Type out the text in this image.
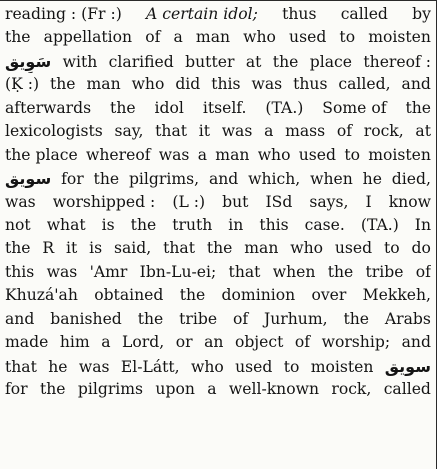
reading : (Fr :) A certain idol; thus called by
the appellation of a man who used to moisten
سَوِيق with clarified butter at the place thereof :
(Ḳ :) the man who did this was thus called, and
afterwards the idol itself. (TA.) Some of the
lexicologists say, that it was a mass of rock, at
the place whereof was a man who used to moisten
سويق for the pilgrims, and which, when he died,
was worshipped : (L :) but ISd says, I know
not what is the truth in this case. (TA.) In
the R it is said, that the man who used to do
this was 'Amr Ibn-Lu-ei; that when the tribe of
Khuzá'ah obtained the dominion over Mekkeh,
and banished the tribe of Jurhum, the Arabs
made him a Lord, or an object of worship; and
that he was El-Látt, who used to moisten سويق
for the pilgrims upon a well-known rock, called
